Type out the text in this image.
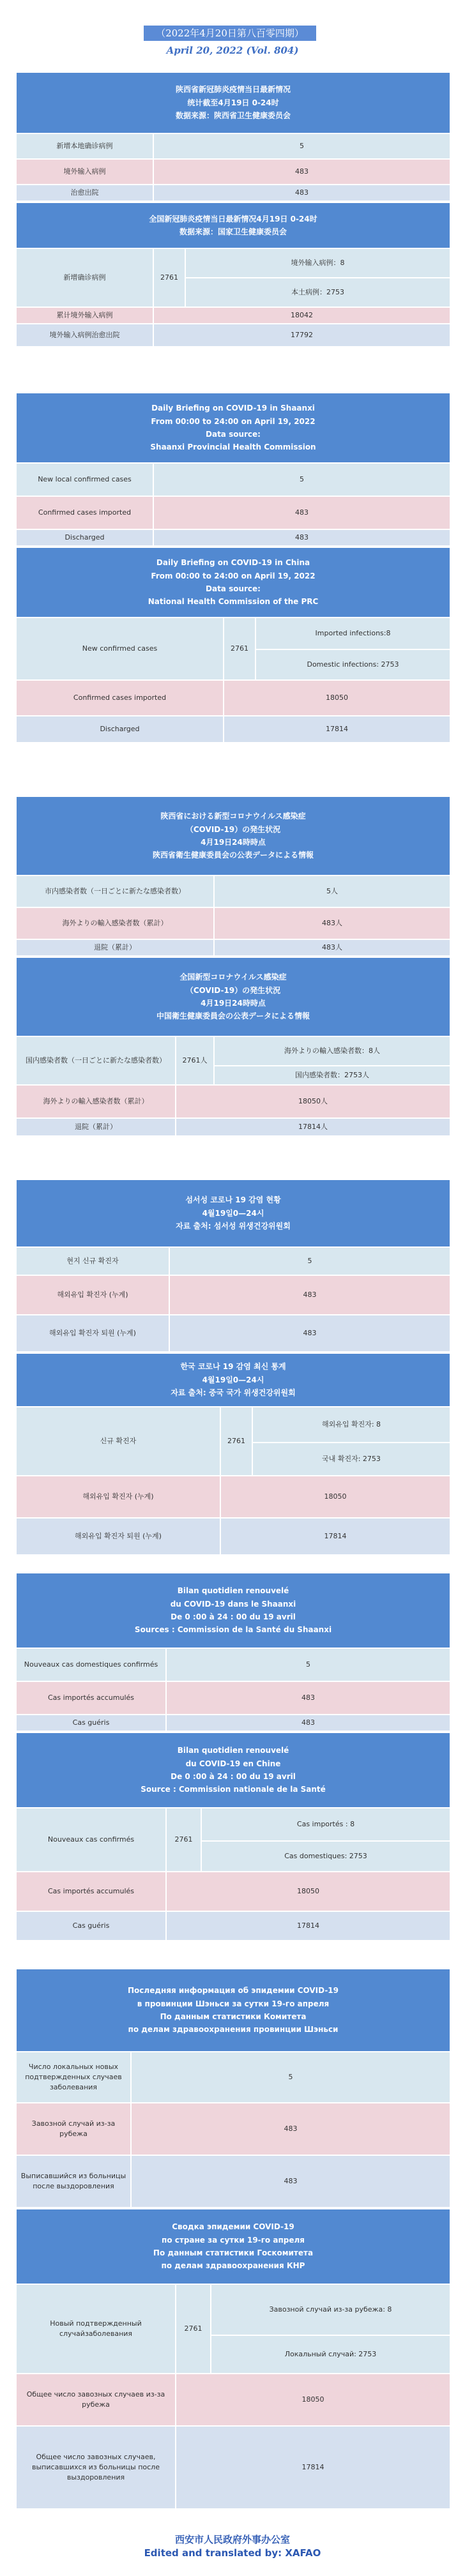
（2022年4月20日第八百零四期）
April 20, 2022 (Vol. 804)
陕西省新冠肺炎疫情当日最新情况
统计截至4月19日 0-24时
数据来源：陕西省卫生健康委员会	

新增本地确诊病例	5
境外输入病例	483
治愈出院	483
全国新冠肺炎疫情当日最新情况4月19日 0-24时
数据来源：国家卫生健康委员会		

新增确诊病例	2761	境外输入病例：8
		本土病例：2753
累计境外输入病例	18042	
境外输入病例治愈出院	17792	
Daily Briefing on COVID-19 in Shaanxi
From 00:00 to 24:00 on April 19, 2022
Data source:
Shaanxi Provincial Health Commission	

New local confirmed cases	5
Confirmed cases imported	483
Discharged	483
Daily Briefing on COVID-19 in China
From 00:00 to 24:00 on April 19, 2022
Data source:
National Health Commission of the PRC		

New confirmed cases	2761	Imported infections:8
		Domestic infections: 2753
Confirmed cases imported	18050	
Discharged	17814	
陝西省における新型コロナウイルス感染症
（COVID-19）の発生状況
4月19日24時時点
陝西省衛生健康委員会の公表データによる情報	

市内感染者数（一日ごとに新たな感染者数）	5人
海外よりの輸入感染者数（累計）	483人
退院（累計）	483人
全国新型コロナウイルス感染症
（COVID-19）の発生状況
4月19日24時時点
中国衛生健康委員会の公表データによる情報		

国内感染者数（一日ごとに新たな感染者数）	2761人	海外よりの輸入感染者数：8人
		国内感染者数：2753人
海外よりの輸入感染者数（累計）	18050人	
退院（累計）	17814人	
섬서성 코로나 19 감염 현황
4월19일0—24시
자료 출처: 섬서성 위생건강위원회	

현지 신규 확진자	5
해외유입 확진자 (누계)	483
해외유입 확진자 퇴원 (누계)	483
한국 코로나 19 감염 최신 통계
4월19일0—24시
자료 출처: 중국 국가 위생건강위원회		

신규 확진자	2761	해외유입 확진자: 8
		국내 확진자: 2753
해외유입 확진자 (누계)	18050	
해외유입 확진자 퇴원 (누계)	17814	
Bilan quotidien renouvelé
du COVID-19 dans le Shaanxi
De 0 :00 à 24 : 00 du 19 avril
Sources : Commission de la Santé du Shaanxi	

Nouveaux cas domestiques confirmés	5
Cas importés accumulés	483
Cas guéris	483
Bilan quotidien renouvelé
du COVID-19 en Chine
De 0 :00 à 24 : 00 du 19 avril
Source : Commission nationale de la Santé		

Nouveaux cas confirmés	2761	Cas importés : 8
		Cas domestiques: 2753
Cas importés accumulés	18050	
Cas guéris	17814	
Последняя информация об эпидемии COVID-19
в провинции Шэньси за сутки 19-го апреля
По данным статистики Комитета
по делам здравоохранения провинции Шэньси	

Число локальных новых подтвержденных случаев заболевания	5
Завозной случай из-за рубежа	483
Выписавшийся из больницы после выздоровления	483
Сводка эпидемии COVID-19
по стране за сутки 19-го апреля
По данным статистики Госкомитета
по делам здравоохранения КНР		

Новый подтвержденный случайзаболевания	2761	Завозной случай из-за рубежа: 8
		Локальный случай: 2753
Общее число завозных случаев из-за рубежа	18050	
Общее число завозных случаев, выписавшихся из больницы после выздоровления	17814	
西安市人民政府外事办公室
Edited and translated by: XAFAO
